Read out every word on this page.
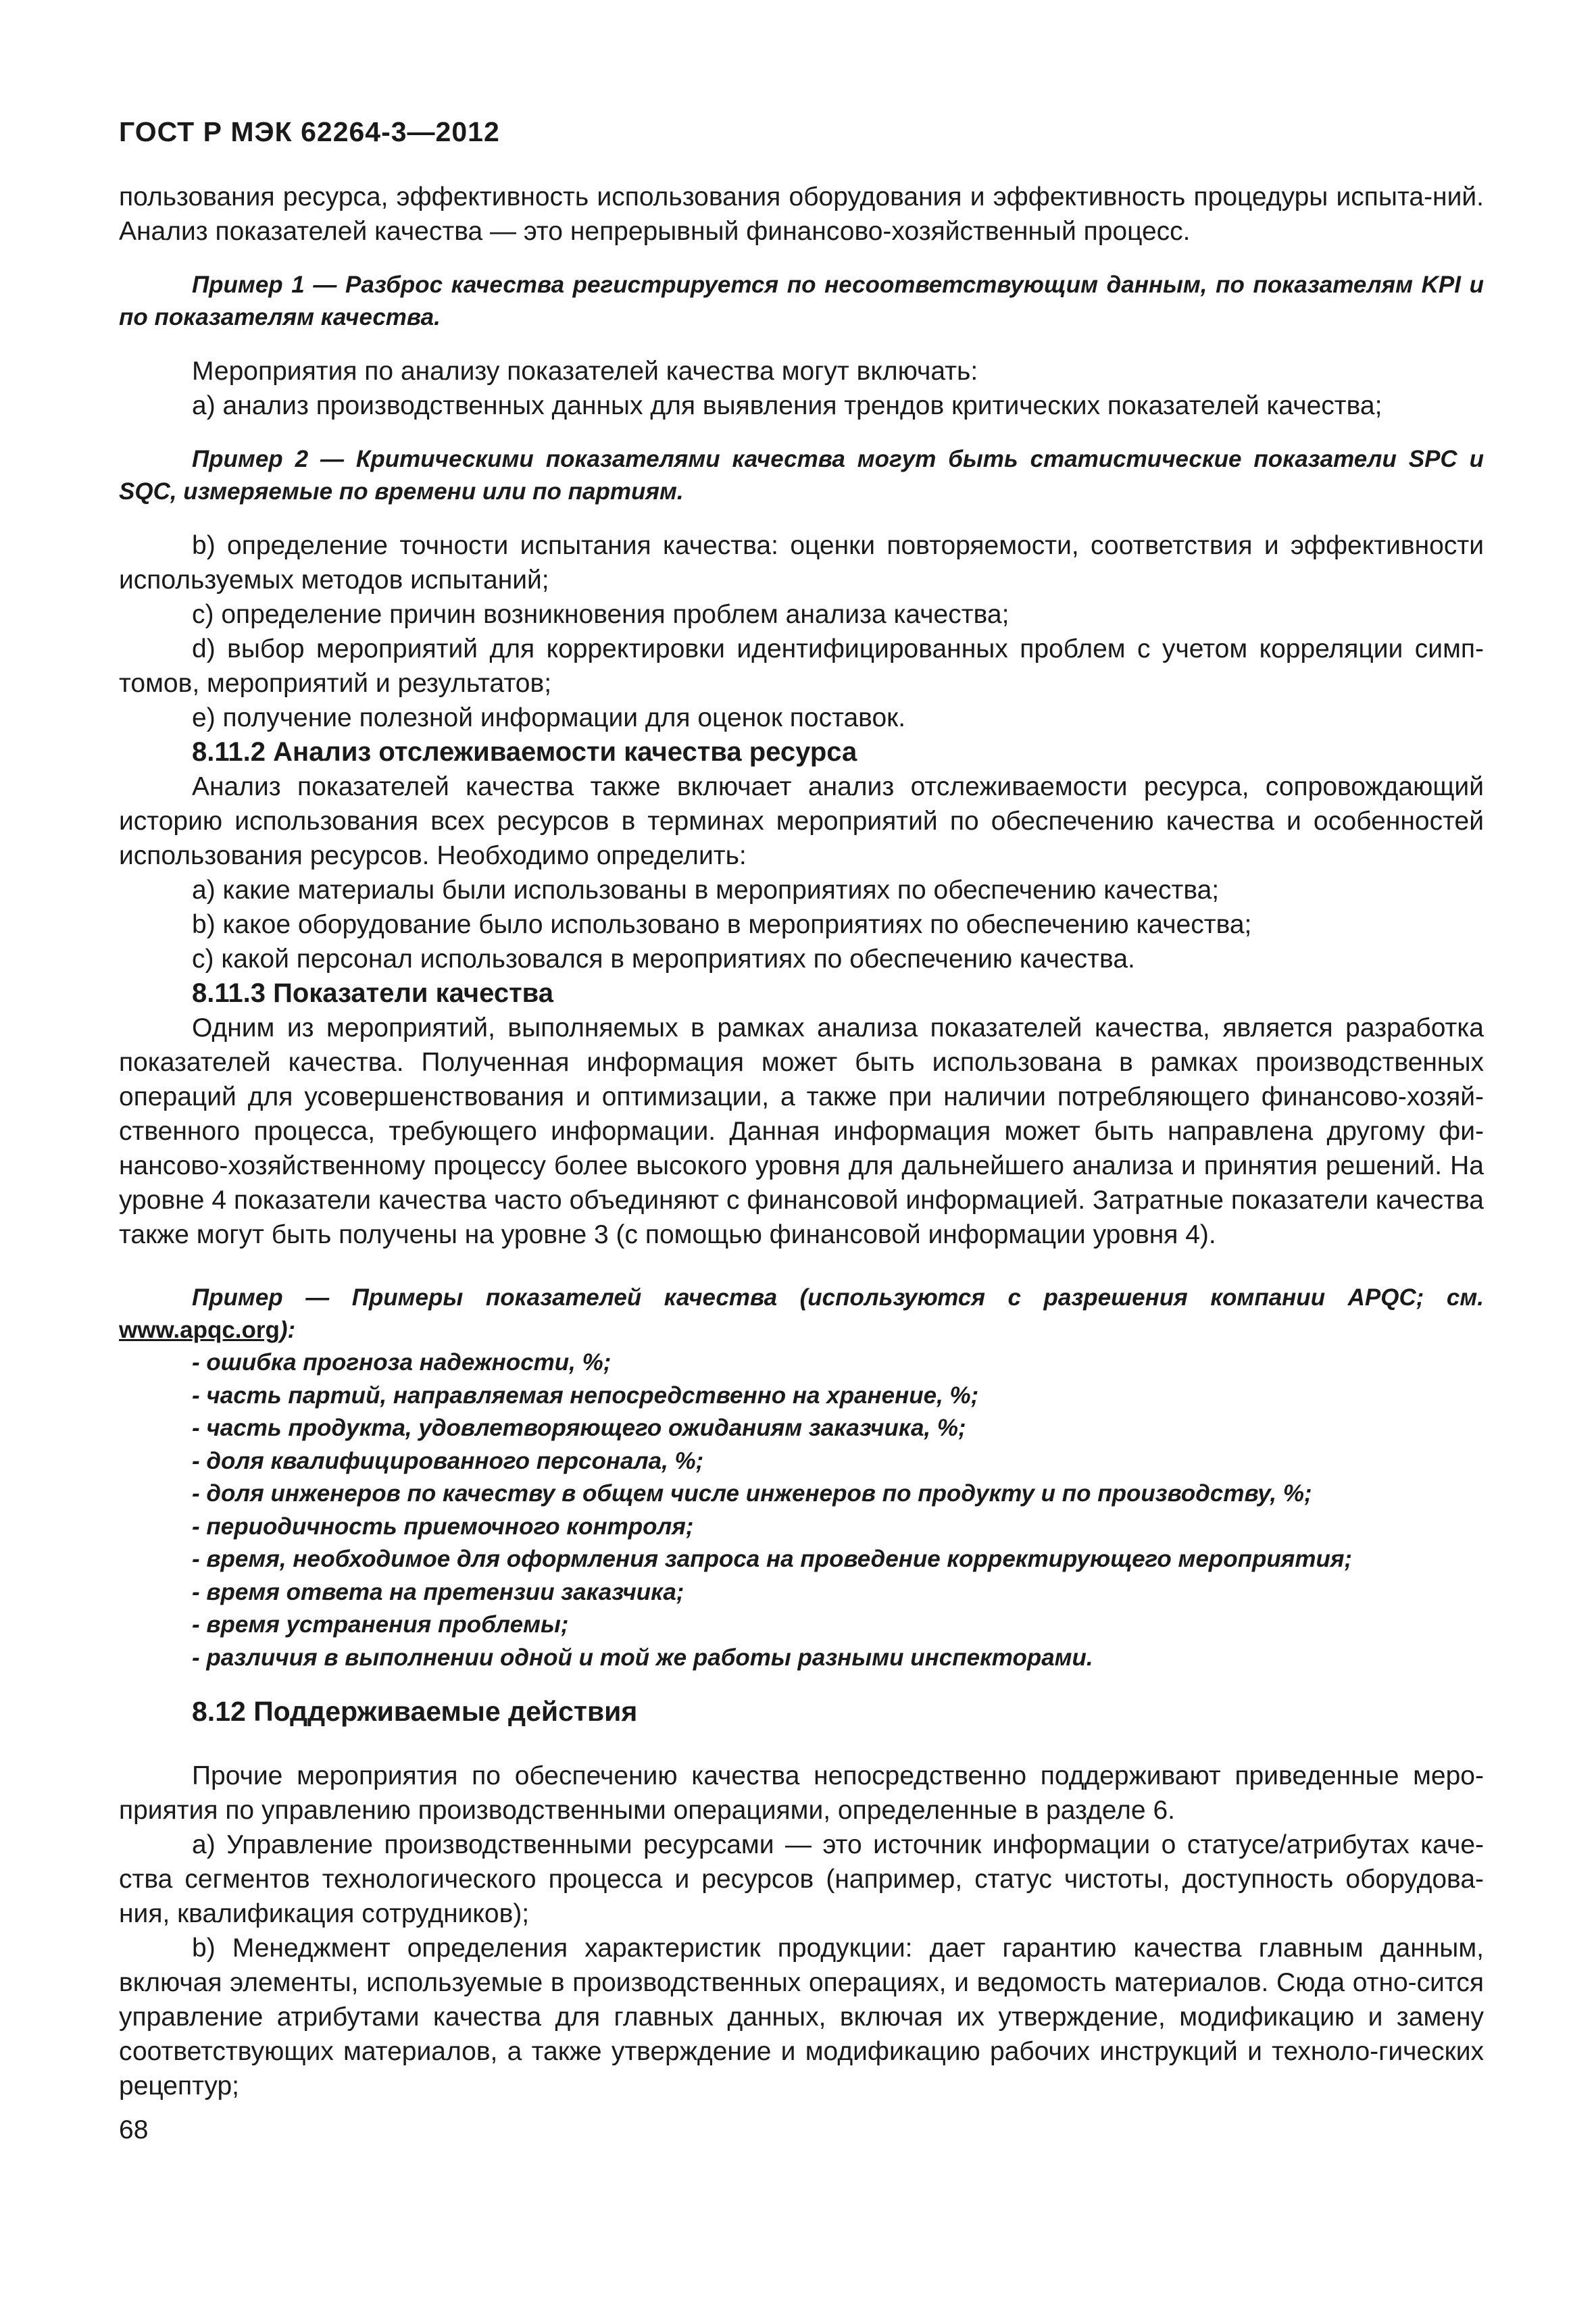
ГОСТ Р МЭК 62264-3—2012

пользования ресурса, эффективность использования оборудования и эффективность процедуры испыта-ний. Анализ показателей качества — это непрерывный финансово-хозяйственный процесс.

Пример 1 — Разброс качества регистрируется по несоответствующим данным, по показателям KPI и по показателям качества.

Мероприятия по анализу показателей качества могут включать:

а) анализ производственных данных для выявления трендов критических показателей качества;

Пример 2 — Критическими показателями качества могут быть статистические показатели SPC и SQC, измеряемые по времени или по партиям.

b) определение точности испытания качества: оценки повторяемости, соответствия и эффективности используемых методов испытаний;

c) определение причин возникновения проблем анализа качества;

d) выбор мероприятий для корректировки идентифицированных проблем с учетом корреляции симп-томов, мероприятий и результатов;

e) получение полезной информации для оценок поставок.

8.11.2 Анализ отслеживаемости качества ресурса

Анализ показателей качества также включает анализ отслеживаемости ресурса, сопровождающий историю использования всех ресурсов в терминах мероприятий по обеспечению качества и особенностей использования ресурсов. Необходимо определить:

а) какие материалы были использованы в мероприятиях по обеспечению качества;

b) какое оборудование было использовано в мероприятиях по обеспечению качества;

c) какой персонал использовался в мероприятиях по обеспечению качества.

8.11.3 Показатели качества

Одним из мероприятий, выполняемых в рамках анализа показателей качества, является разработка показателей качества. Полученная информация может быть использована в рамках производственных операций для усовершенствования и оптимизации, а также при наличии потребляющего финансово-хозяй-ственного процесса, требующего информации. Данная информация может быть направлена другому фи-нансово-хозяйственному процессу более высокого уровня для дальнейшего анализа и принятия решений. На уровне 4 показатели качества часто объединяют с финансовой информацией. Затратные показатели качества также могут быть получены на уровне 3 (с помощью финансовой информации уровня 4).

Пример — Примеры показателей качества (используются с разрешения компании APQC; см. www.apqc.org):

- ошибка прогноза надежности, %;
- часть партий, направляемая непосредственно на хранение, %;
- часть продукта, удовлетворяющего ожиданиям заказчика, %;
- доля квалифицированного персонала, %;
- доля инженеров по качеству в общем числе инженеров по продукту и по производству, %;
- периодичность приемочного контроля;
- время, необходимое для оформления запроса на проведение корректирующего мероприятия;
- время ответа на претензии заказчика;
- время устранения проблемы;
- различия в выполнении одной и той же работы разными инспекторами.

8.12 Поддерживаемые действия

Прочие мероприятия по обеспечению качества непосредственно поддерживают приведенные меро-приятия по управлению производственными операциями, определенные в разделе 6.

а) Управление производственными ресурсами — это источник информации о статусе/атрибутах каче-ства сегментов технологического процесса и ресурсов (например, статус чистоты, доступность оборудова-ния, квалификация сотрудников);

b) Менеджмент определения характеристик продукции: дает гарантию качества главным данным, включая элементы, используемые в производственных операциях, и ведомость материалов. Сюда отно-сится управление атрибутами качества для главных данных, включая их утверждение, модификацию и замену соответствующих материалов, а также утверждение и модификацию рабочих инструкций и техноло-гических рецептур;

68
